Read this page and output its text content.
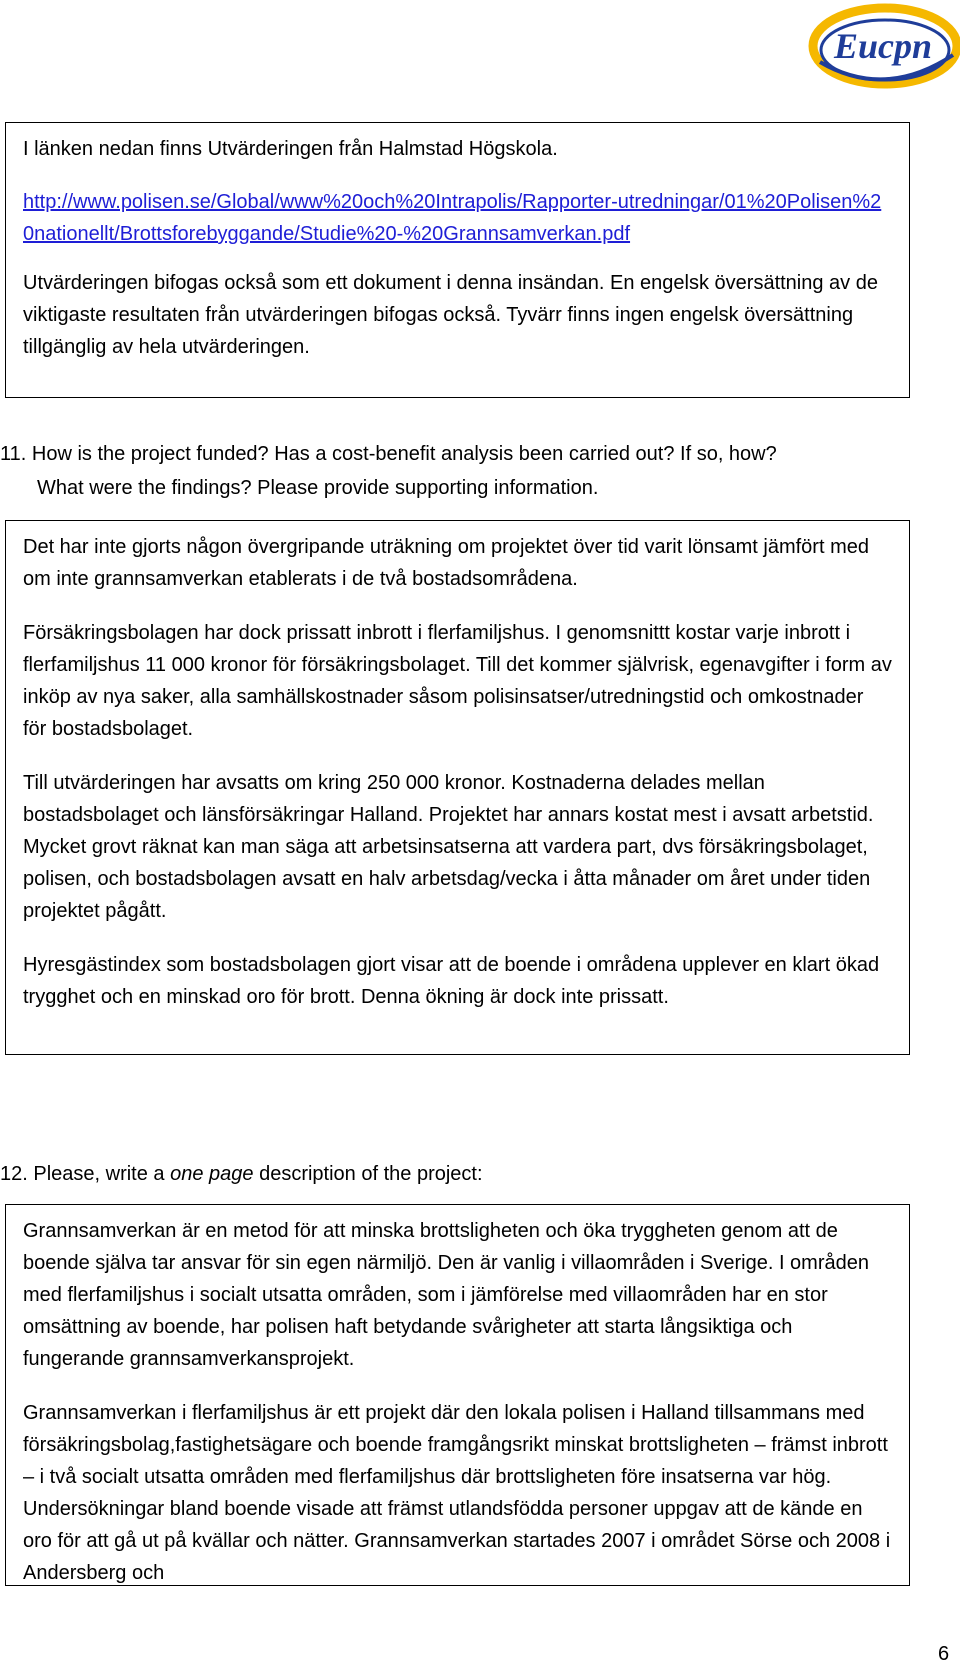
Eucpn

I länken nedan finns Utvärderingen från Halmstad Högskola.

http://www.polisen.se/Global/www%20och%20Intrapolis/Rapporter-utredningar/01%20Polisen%20nationellt/Brottsforebyggande/Studie%20-%20Grannsamverkan.pdf

Utvärderingen bifogas också som ett dokument i denna insändan. En engelsk översättning av de viktigaste resultaten från utvärderingen bifogas också. Tyvärr finns ingen engelsk översättning tillgänglig av hela utvärderingen.

11. How is the project funded? Has a cost-benefit analysis been carried out? If so, how?

What were the findings? Please provide supporting information.

Det har inte gjorts någon övergripande uträkning om projektet över tid varit lönsamt jämfört med om inte grannsamverkan etablerats i de två bostadsområdena.

Försäkringsbolagen har dock prissatt inbrott i flerfamiljshus. I genomsnittt kostar varje inbrott i flerfamiljshus 11 000 kronor för försäkringsbolaget. Till det kommer självrisk, egenavgifter i form av inköp av nya saker, alla samhällskostnader såsom polisinsatser/utredningstid och omkostnader för bostadsbolaget.

Till utvärderingen har avsatts om kring 250 000 kronor. Kostnaderna delades mellan bostadsbolaget och länsförsäkringar Halland. Projektet har annars kostat mest i avsatt arbetstid. Mycket grovt räknat kan man säga att arbetsinsatserna att vardera part, dvs försäkringsbolaget, polisen, och bostadsbolagen avsatt en halv arbetsdag/vecka i åtta månader om året under tiden projektet pågått.

Hyresgästindex som bostadsbolagen gjort visar att de boende i områdena upplever en klart ökad trygghet och en minskad oro för brott. Denna ökning är dock inte prissatt.

12. Please, write a one page description of the project:

Grannsamverkan är en metod för att minska brottsligheten och öka tryggheten genom att de boende själva tar ansvar för sin egen närmiljö. Den är vanlig i villaområden i Sverige. I områden med flerfamiljshus i socialt utsatta områden, som i jämförelse med villaområden har en stor omsättning av boende, har polisen haft betydande svårigheter att starta långsiktiga och fungerande grannsamverkansprojekt.

Grannsamverkan i flerfamiljshus är ett projekt där den lokala polisen i Halland tillsammans med försäkringsbolag,fastighetsägare och boende framgångsrikt minskat brottsligheten – främst inbrott – i två socialt utsatta områden med flerfamiljshus där brottsligheten före insatserna var hög. Undersökningar bland boende visade att främst utlandsfödda personer uppgav att de kände en oro för att gå ut på kvällar och nätter. Grannsamverkan startades 2007 i området Sörse och 2008 i Andersberg och

6
